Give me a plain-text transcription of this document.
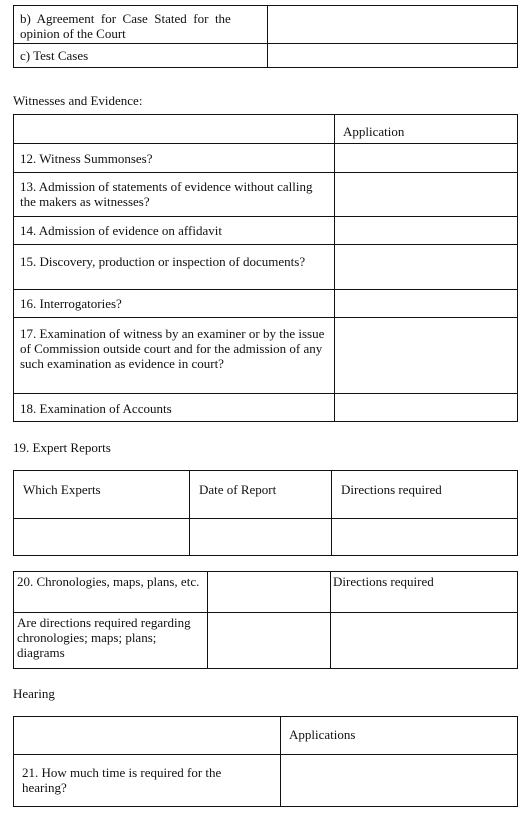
b)  Agreement  for  Case  Stated  for  the
opinion of the Court	

c) Test Cases	

Witnesses and Evidence:

	Application

12. Witness Summonses?	

13. Admission of statements of evidence without calling the makers as witnesses?	

14. Admission of evidence on affidavit	

15. Discovery, production or inspection of documents?	

16. Interrogatories?	

17. Examination of witness by an examiner or by the issue of Commission outside court and for the admission of any such examination as evidence in court?	

18. Examination of Accounts	

19. Expert Reports
Which Experts	Date of Report	Directions required

20. Chronologies, maps, plans, etc.		Directions required

Are directions required regarding chronologies; maps; plans; diagrams		

Hearing

	Applications

21. How much time is required for the hearing?	
